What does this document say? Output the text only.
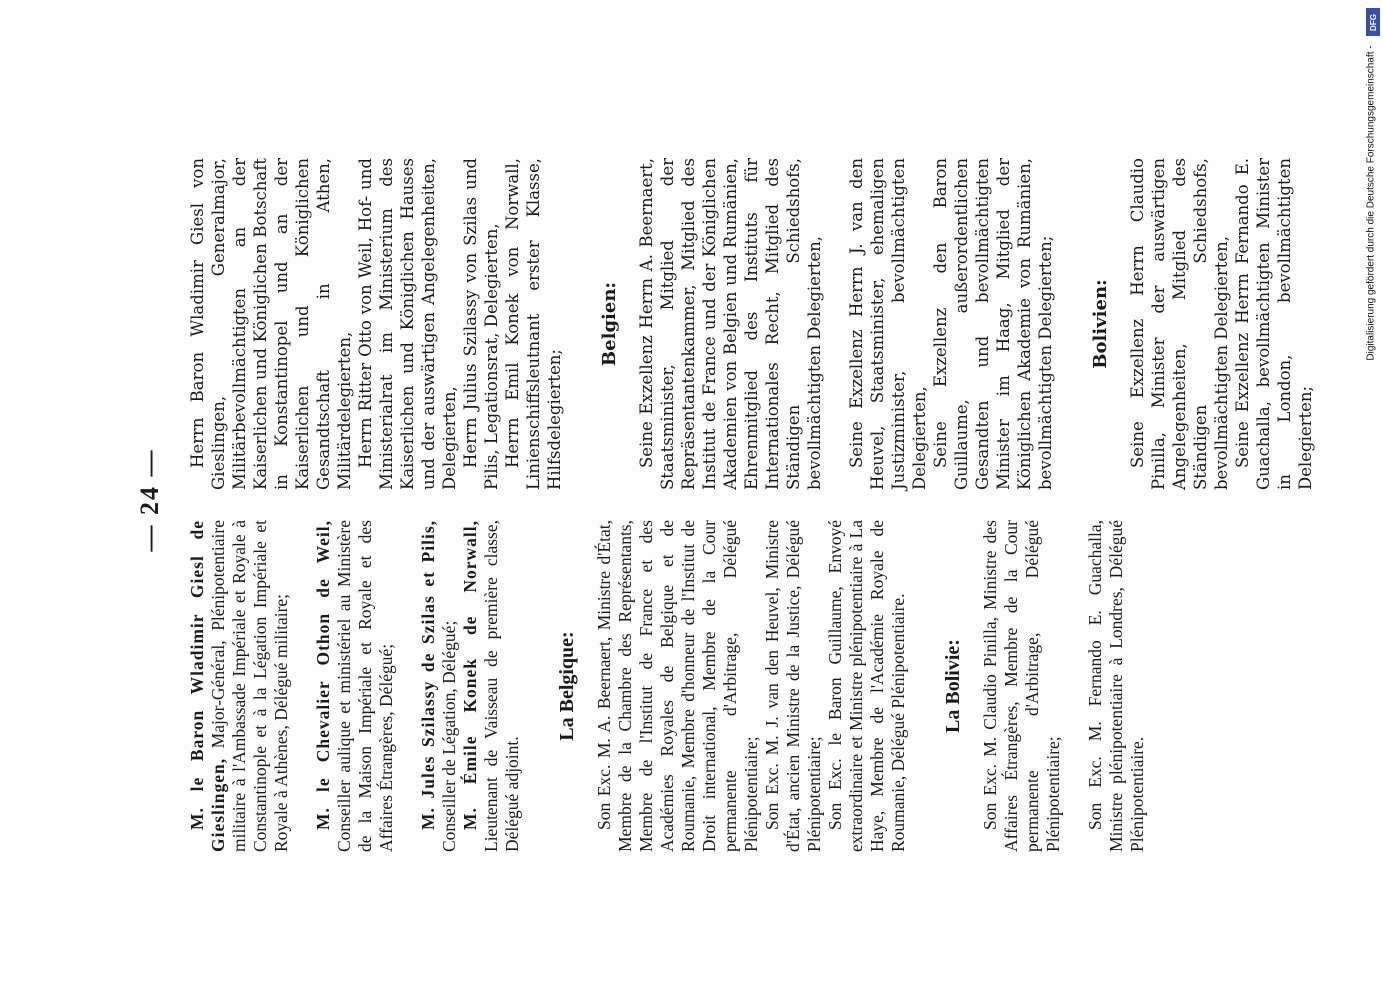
— 24 —

M. le Baron Wladimir Giesl de Gieslingen, Major-Général, Plénipotentiaire militaire à l'Ambassade Impériale et Royale à Constantinople et à la Légation Impériale et Royale à Athènes, Délégué militaire; M. le Chevalier Othon de Weil, Conseiller aulique et ministériel au Ministère de la Maison Impériale et Royale et des Affaires Étrangères, Délégué; M. Jules Szilassy de Szilas et Pilis, Conseiller de Légation, Délégué; M. Émile Konek de Norwall, Lieutenant de Vaisseau de première classe, Délégué adjoint.

La Belgique: Son Exc. M. A. Beernaert, Ministre d'État, Membre de la Chambre des Représentants, Membre de l'Institut de France et des Académies Royales de Belgique et de Roumanie, Membre d'honneur de l'Institut de Droit international, Membre de la Cour permanente d'Arbitrage, Délégué Plénipotentiaire; Son Exc. M. J. van den Heuvel, Ministre d'État, ancien Ministre de la Justice, Délégué Plénipotentiaire; Son Exc. le Baron Guillaume, Envoyé extraordinaire et Ministre plénipotentiaire à La Haye, Membre de l'Académie Royale de Roumanie, Délégué Plénipotentiaire. La Bolivie: Son Exc. M. Claudio Pinilla, Ministre des Affaires Étrangères, Membre de la Cour permanente d'Arbitrage, Délégué Plénipotentiaire; Son Exc. M. Fernando E. Guachalla, Ministre plénipotentiaire à Londres, Délégué Plénipotentiaire.

Herrn Baron Wladimir Giesl von Gieslingen, Generalmajor, Militärbevollmächtigten an der Kaiserlichen und Königlichen Botschaft in Konstantinopel und an der Kaiserlichen und Königlichen Gesandtschaft in Athen, Militärdelegierten, Herrn Ritter Otto von Weil, Hof- und Ministerialrat im Ministerium des Kaiserlichen und Königlichen Hauses und der auswärtigen Angelegenheiten, Delegierten, Herrn Julius Szilassy von Szilas und Pilis, Legationsrat, Delegierten, Herrn Emil Konek von Norwall, Linienschiffsleutnant erster Klasse, Hilfsdelegierten;

Belgien: Seine Exzellenz Herrn A. Beernaert, Staatsminister, Mitglied der Repräsentantenkammer, Mitglied des Institut de France und der Königlichen Akademien von Belgien und Rumänien, Ehrenmitglied des Instituts für Internationales Recht, Mitglied des Ständigen Schiedshofs, bevollmächtigten Delegierten, Seine Exzellenz Herrn J. van den Heuvel, Staatsminister, ehemaligen Justizminister, bevollmächtigten Delegierten, Seine Exzellenz den Baron Guillaume, außerordentlichen Gesandten und bevollmächtigten Minister im Haag, Mitglied der Königlichen Akademie von Rumänien, bevollmächtigten Delegierten; Bolivien: Seine Exzellenz Herrn Claudio Pinilla, Minister der auswärtigen Angelegenheiten, Mitglied des Ständigen Schiedshofs, bevollmächtigten Delegierten, Seine Exzellenz Herrn Fernando E. Guachalla, bevollmächtigten Minister in London, bevollmächtigten Delegierten;

DFG
Digitalisierung gefördert durch die Deutsche Forschungsgemeinschaft -
